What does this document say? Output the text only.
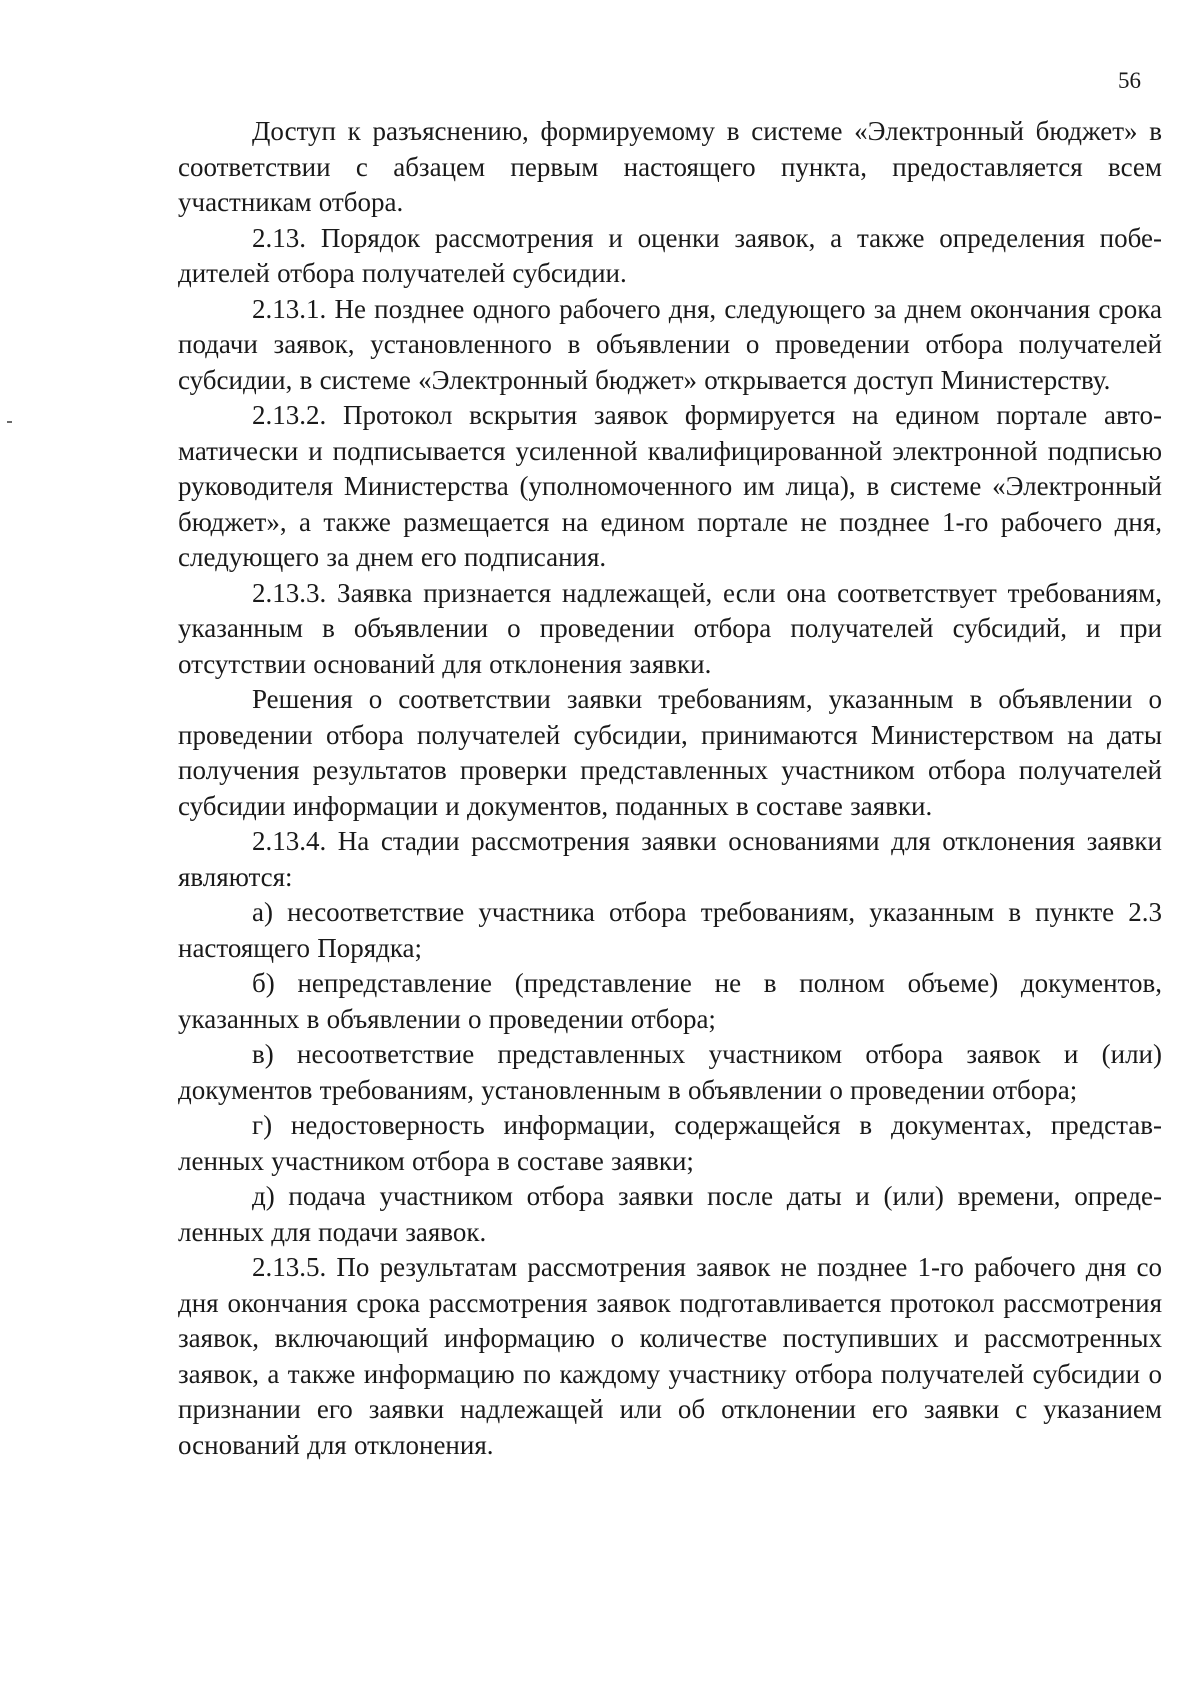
56

Доступ к разъяснению, формируемому в системе «Электронный бюджет» в соответствии с абзацем первым настоящего пункта, предоставляется всем участникам отбора.

2.13. Порядок рассмотрения и оценки заявок, а также определения победителей отбора получателей субсидии.

2.13.1. Не позднее одного рабочего дня, следующего за днем окончания срока подачи заявок, установленного в объявлении о проведении отбора получателей субсидии, в системе «Электронный бюджет» открывается доступ Министерству.

2.13.2. Протокол вскрытия заявок формируется на едином портале автоматически и подписывается усиленной квалифицированной электронной подписью руководителя Министерства (уполномоченного им лица), в системе «Электронный бюджет», а также размещается на едином портале не позднее 1-го рабочего дня, следующего за днем его подписания.

2.13.3. Заявка признается надлежащей, если она соответствует требованиям, указанным в объявлении о проведении отбора получателей субсидий, и при отсутствии оснований для отклонения заявки.

Решения о соответствии заявки требованиям, указанным в объявлении о проведении отбора получателей субсидии, принимаются Министерством на даты получения результатов проверки представленных участником отбора получателей субсидии информации и документов, поданных в составе заявки.

2.13.4. На стадии рассмотрения заявки основаниями для отклонения заявки являются:

а) несоответствие участника отбора требованиям, указанным в пункте 2.3 настоящего Порядка;

б) непредставление (представление не в полном объеме) документов, указанных в объявлении о проведении отбора;

в) несоответствие представленных участником отбора заявок и (или) документов требованиям, установленным в объявлении о проведении отбора;

г) недостоверность информации, содержащейся в документах, представленных участником отбора в составе заявки;

д) подача участником отбора заявки после даты и (или) времени, определенных для подачи заявок.

2.13.5. По результатам рассмотрения заявок не позднее 1-го рабочего дня со дня окончания срока рассмотрения заявок подготавливается протокол рассмотрения заявок, включающий информацию о количестве поступивших и рассмотренных заявок, а также информацию по каждому участнику отбора получателей субсидии о признании его заявки надлежащей или об отклонении его заявки с указанием оснований для отклонения.
